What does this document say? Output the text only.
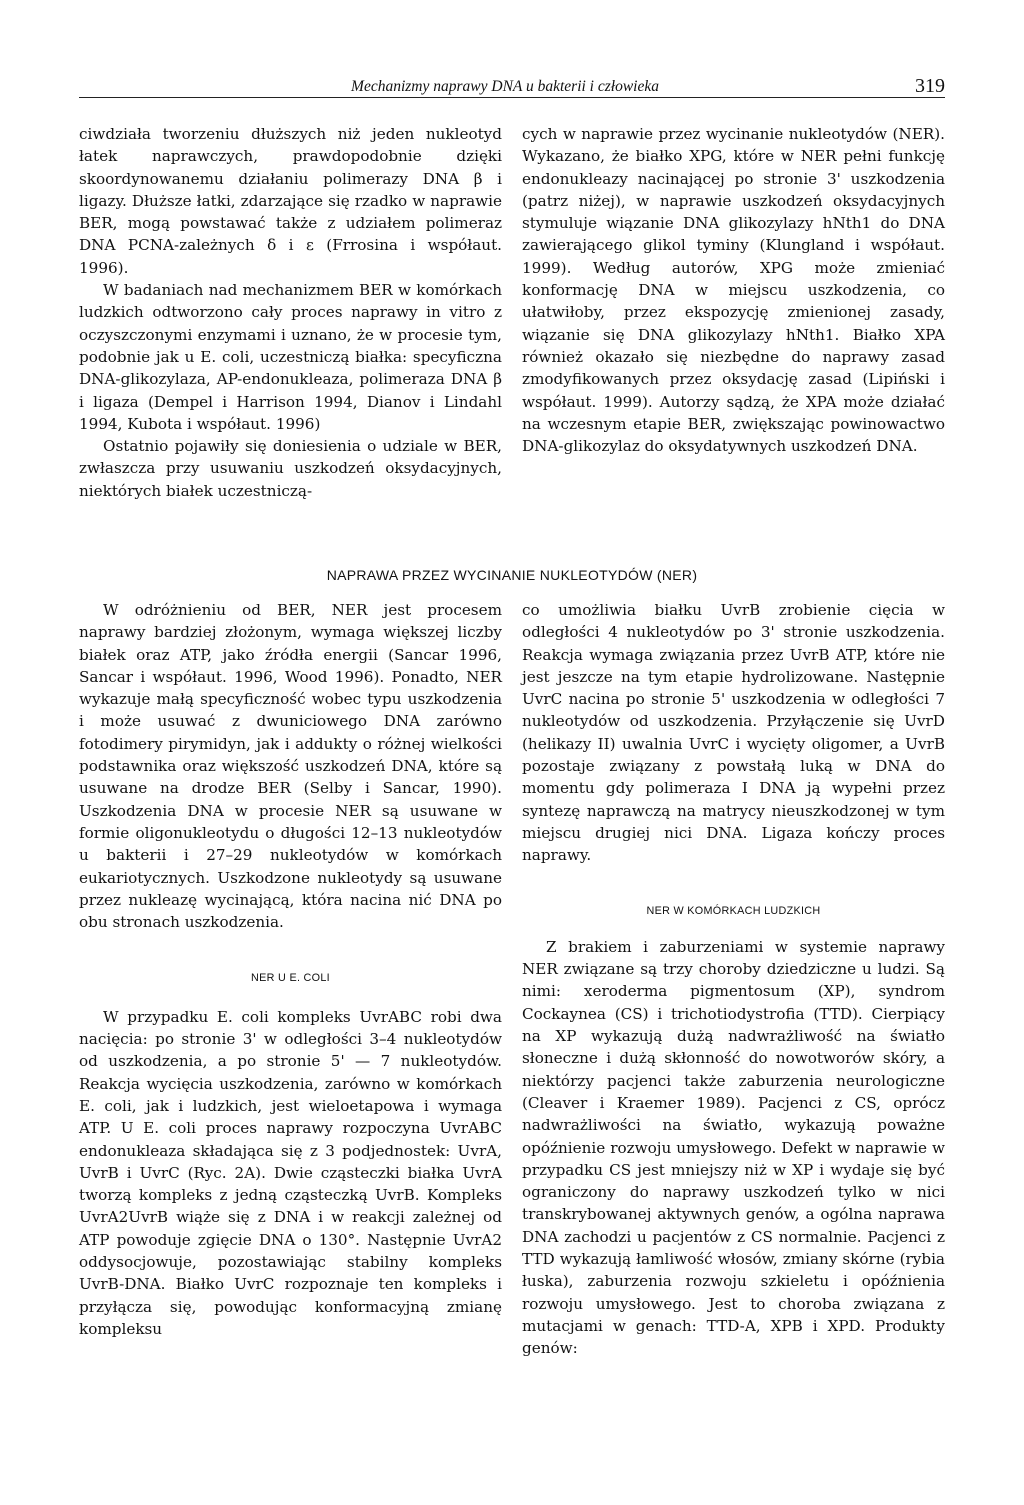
Mechanizmy naprawy DNA u bakterii i człowieka	319

ciwdziała tworzeniu dłuższych niż jeden nukleotyd łatek naprawczych, prawdopodobnie dzięki skoordynowanemu działaniu polimerazy DNA β i ligazy. Dłuższe łatki, zdarzające się rzadko w naprawie BER, mogą powstawać także z udziałem polimeraz DNA PCNA-zależnych δ i ε (Frrosina i współaut. 1996).

W badaniach nad mechanizmem BER w komórkach ludzkich odtworzono cały proces naprawy in vitro z oczyszczonymi enzymami i uznano, że w procesie tym, podobnie jak u E. coli, uczestniczą białka: specyficzna DNA-glikozylaza, AP-endonukleaza, polimeraza DNA β i ligaza (Dempel i Harrison 1994, Dianov i Lindahl 1994, Kubota i współaut. 1996)

Ostatnio pojawiły się doniesienia o udziale w BER, zwłaszcza przy usuwaniu uszkodzeń oksydacyjnych, niektórych białek uczestniczą-

cych w naprawie przez wycinanie nukleotydów (NER). Wykazano, że białko XPG, które w NER pełni funkcję endonukleazy nacinającej po stronie 3' uszkodzenia (patrz niżej), w naprawie uszkodzeń oksydacyjnych stymuluje wiązanie DNA glikozylazy hNth1 do DNA zawierającego glikol tyminy (Klungland i współaut. 1999). Według autorów, XPG może zmieniać konformację DNA w miejscu uszkodzenia, co ułatwiłoby, przez ekspozycję zmienionej zasady, wiązanie się DNA glikozylazy hNth1. Białko XPA również okazało się niezbędne do naprawy zasad zmodyfikowanych przez oksydację zasad (Lipiński i współaut. 1999). Autorzy sądzą, że XPA może działać na wczesnym etapie BER, zwiększając powinowactwo DNA-glikozylaz do oksydatywnych uszkodzeń DNA.

NAPRAWA PRZEZ WYCINANIE NUKLEOTYDÓW (NER)

W odróżnieniu od BER, NER jest procesem naprawy bardziej złożonym, wymaga większej liczby białek oraz ATP, jako źródła energii (Sancar 1996, Sancar i współaut. 1996, Wood 1996). Ponadto, NER wykazuje małą specyficzność wobec typu uszkodzenia i może usuwać z dwuniciowego DNA zarówno fotodimery pirymidyn, jak i addukty o różnej wielkości podstawnika oraz większość uszkodzeń DNA, które są usuwane na drodze BER (Selby i Sancar, 1990). Uszkodzenia DNA w procesie NER są usuwane w formie oligonukleotydu o długości 12–13 nukleotydów u bakterii i 27–29 nukleotydów w komórkach eukariotycznych. Uszkodzone nukleotydy są usuwane przez nukleazę wycinającą, która nacina nić DNA po obu stronach uszkodzenia.

NER U E. COLI

W przypadku E. coli kompleks UvrABC robi dwa nacięcia: po stronie 3' w odległości 3–4 nukleotydów od uszkodzenia, a po stronie 5' — 7 nukleotydów. Reakcja wycięcia uszkodzenia, zarówno w komórkach E. coli, jak i ludzkich, jest wieloetapowa i wymaga ATP. U E. coli proces naprawy rozpoczyna UvrABC endonukleaza składająca się z 3 podjednostek: UvrA, UvrB i UvrC (Ryc. 2A). Dwie cząsteczki białka UvrA tworzą kompleks z jedną cząsteczką UvrB. Kompleks UvrA2UvrB wiąże się z DNA i w reakcji zależnej od ATP powoduje zgięcie DNA o 130°. Następnie UvrA2 oddysocjowuje, pozostawiając stabilny kompleks UvrB-DNA. Białko UvrC rozpoznaje ten kompleks i przyłącza się, powodując konformacyjną zmianę kompleksu

co umożliwia białku UvrB zrobienie cięcia w odległości 4 nukleotydów po 3' stronie uszkodzenia. Reakcja wymaga związania przez UvrB ATP, które nie jest jeszcze na tym etapie hydrolizowane. Następnie UvrC nacina po stronie 5' uszkodzenia w odległości 7 nukleotydów od uszkodzenia. Przyłączenie się UvrD (helikazy II) uwalnia UvrC i wycięty oligomer, a UvrB pozostaje związany z powstałą luką w DNA do momentu gdy polimeraza I DNA ją wypełni przez syntezę naprawczą na matrycy nieuszkodzonej w tym miejscu drugiej nici DNA. Ligaza kończy proces naprawy.

NER W KOMÓRKACH LUDZKICH

Z brakiem i zaburzeniami w systemie naprawy NER związane są trzy choroby dziedziczne u ludzi. Są nimi: xeroderma pigmentosum (XP), syndrom Cockaynea (CS) i trichotiodystrofia (TTD). Cierpiący na XP wykazują dużą nadwrażliwość na światło słoneczne i dużą skłonność do nowotworów skóry, a niektórzy pacjenci także zaburzenia neurologiczne (Cleaver i Kraemer 1989). Pacjenci z CS, oprócz nadwrażliwości na światło, wykazują poważne opóźnienie rozwoju umysłowego. Defekt w naprawie w przypadku CS jest mniejszy niż w XP i wydaje się być ograniczony do naprawy uszkodzeń tylko w nici transkrybowanej aktywnych genów, a ogólna naprawa DNA zachodzi u pacjentów z CS normalnie. Pacjenci z TTD wykazują łamliwość włosów, zmiany skórne (rybia łuska), zaburzenia rozwoju szkieletu i opóźnienia rozwoju umysłowego. Jest to choroba związana z mutacjami w genach: TTD-A, XPB i XPD. Produkty genów:
